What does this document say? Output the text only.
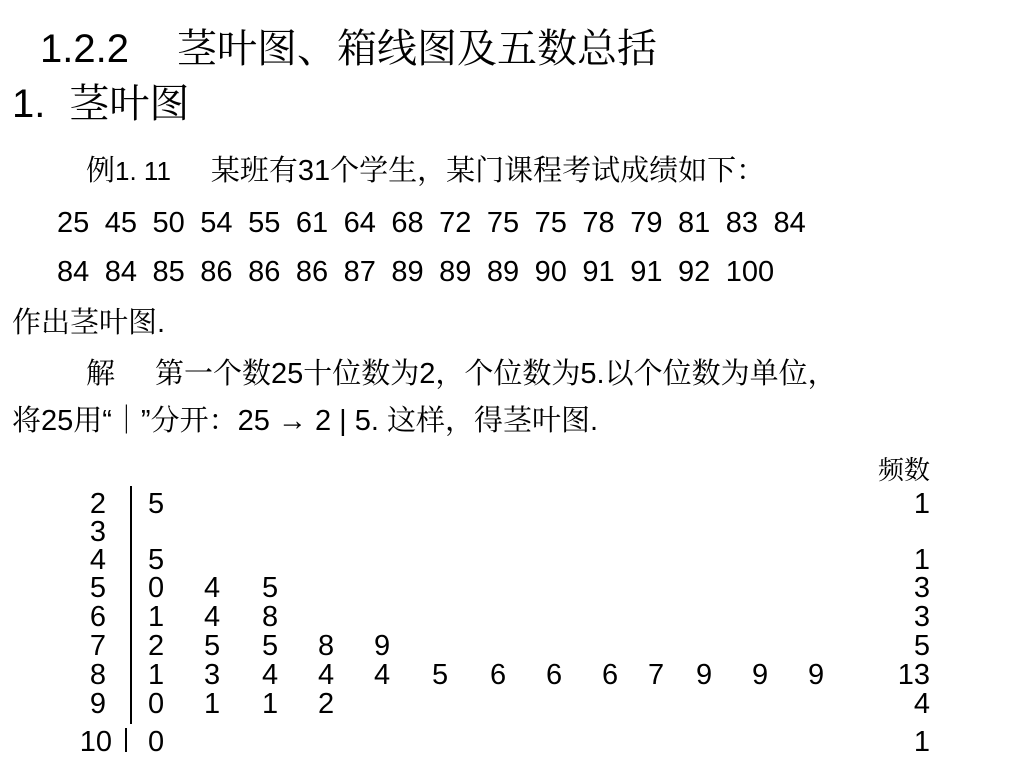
1.2.2 茎叶图、箱线图及五数总括
1. 茎叶图
例1. 11 某班有31个学生，某门课程考试成绩如下：
25 45 50 54 55 61 64 68 72 75 75 78 79 81 83 84
84 84 85 86 86 86 87 89 89 89 90 91 91 92 100
作出茎叶图.
解 第一个数25十位数为2，个位数为5.以个位数为单位，
将25用“｜”分开：25 → 2 | 5. 这样，得茎叶图.
频数
2 5	1
3
4 5	1
5 0 4 5	3
6 1 4 8	3
7 2 5 5 8 9	5
8 1 3 4 4 4 5 6 6 6 7 9 9 9	13
9 0 1 1 2	4
10 0	1
